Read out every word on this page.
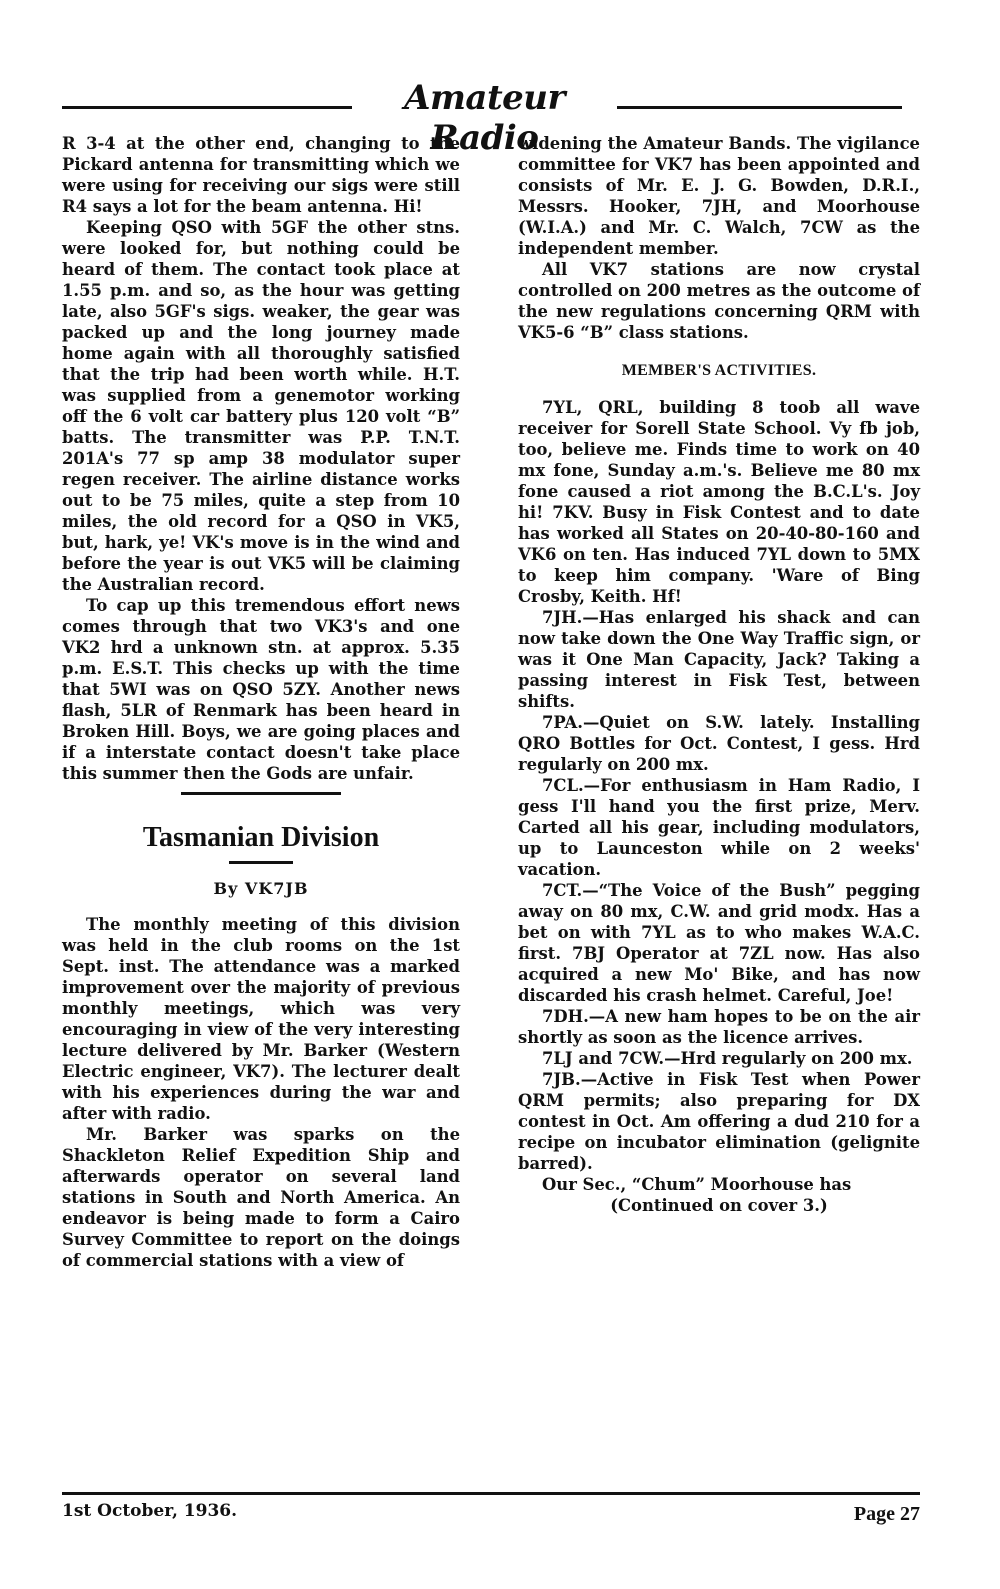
Amateur Radio

R 3-4 at the other end, changing to the Pickard antenna for transmitting which we were using for receiving our sigs were still R4 says a lot for the beam antenna. Hi!

Keeping QSO with 5GF the other stns. were looked for, but nothing could be heard of them. The contact took place at 1.55 p.m. and so, as the hour was getting late, also 5GF's sigs. weaker, the gear was packed up and the long journey made home again with all thoroughly satisfied that the trip had been worth while. H.T. was supplied from a genemotor working off the 6 volt car battery plus 120 volt “B” batts. The transmitter was P.P. T.N.T. 201A's 77 sp amp 38 modulator super regen receiver. The airline distance works out to be 75 miles, quite a step from 10 miles, the old record for a QSO in VK5, but, hark, ye! VK's move is in the wind and before the year is out VK5 will be claiming the Australian record.

To cap up this tremendous effort news comes through that two VK3's and one VK2 hrd a unknown stn. at approx. 5.35 p.m. E.S.T. This checks up with the time that 5WI was on QSO 5ZY. Another news flash, 5LR of Renmark has been heard in Broken Hill. Boys, we are going places and if a interstate contact doesn't take place this summer then the Gods are unfair.

Tasmanian Division
By VK7JB

The monthly meeting of this division was held in the club rooms on the 1st Sept. inst. The attendance was a marked improvement over the majority of previous monthly meetings, which was very encouraging in view of the very interesting lecture delivered by Mr. Barker (Western Electric engineer, VK7). The lecturer dealt with his experiences during the war and after with radio.

Mr. Barker was sparks on the Shackleton Relief Expedition Ship and afterwards operator on several land stations in South and North America. An endeavor is being made to form a Cairo Survey Committee to report on the doings of commercial stations with a view of

widening the Amateur Bands. The vigilance committee for VK7 has been appointed and consists of Mr. E. J. G. Bowden, D.R.I., Messrs. Hooker, 7JH, and Moorhouse (W.I.A.) and Mr. C. Walch, 7CW as the independent member.

All VK7 stations are now crystal controlled on 200 metres as the outcome of the new regulations concerning QRM with VK5-6 “B” class stations.

MEMBER'S ACTIVITIES.

7YL, QRL, building 8 toob all wave receiver for Sorell State School. Vy fb job, too, believe me. Finds time to work on 40 mx fone, Sunday a.m.'s. Believe me 80 mx fone caused a riot among the B.C.L's. Joy hi! 7KV. Busy in Fisk Contest and to date has worked all States on 20-40-80-160 and VK6 on ten. Has induced 7YL down to 5MX to keep him company. 'Ware of Bing Crosby, Keith. Hf!

7JH.—Has enlarged his shack and can now take down the One Way Traffic sign, or was it One Man Capacity, Jack? Taking a passing interest in Fisk Test, between shifts.

7PA.—Quiet on S.W. lately. Installing QRO Bottles for Oct. Contest, I gess. Hrd regularly on 200 mx.

7CL.—For enthusiasm in Ham Radio, I gess I'll hand you the first prize, Merv. Carted all his gear, including modulators, up to Launceston while on 2 weeks' vacation.

7CT.—“The Voice of the Bush” pegging away on 80 mx, C.W. and grid modx. Has a bet on with 7YL as to who makes W.A.C. first. 7BJ Operator at 7ZL now. Has also acquired a new Mo' Bike, and has now discarded his crash helmet. Careful, Joe!

7DH.—A new ham hopes to be on the air shortly as soon as the licence arrives.

7LJ and 7CW.—Hrd regularly on 200 mx.

7JB.—Active in Fisk Test when Power QRM permits; also preparing for DX contest in Oct. Am offering a dud 210 for a recipe on incubator elimination (gelignite barred).

Our Sec., “Chum” Moorhouse has

(Continued on cover 3.)

1st October, 1936.	Page 27
